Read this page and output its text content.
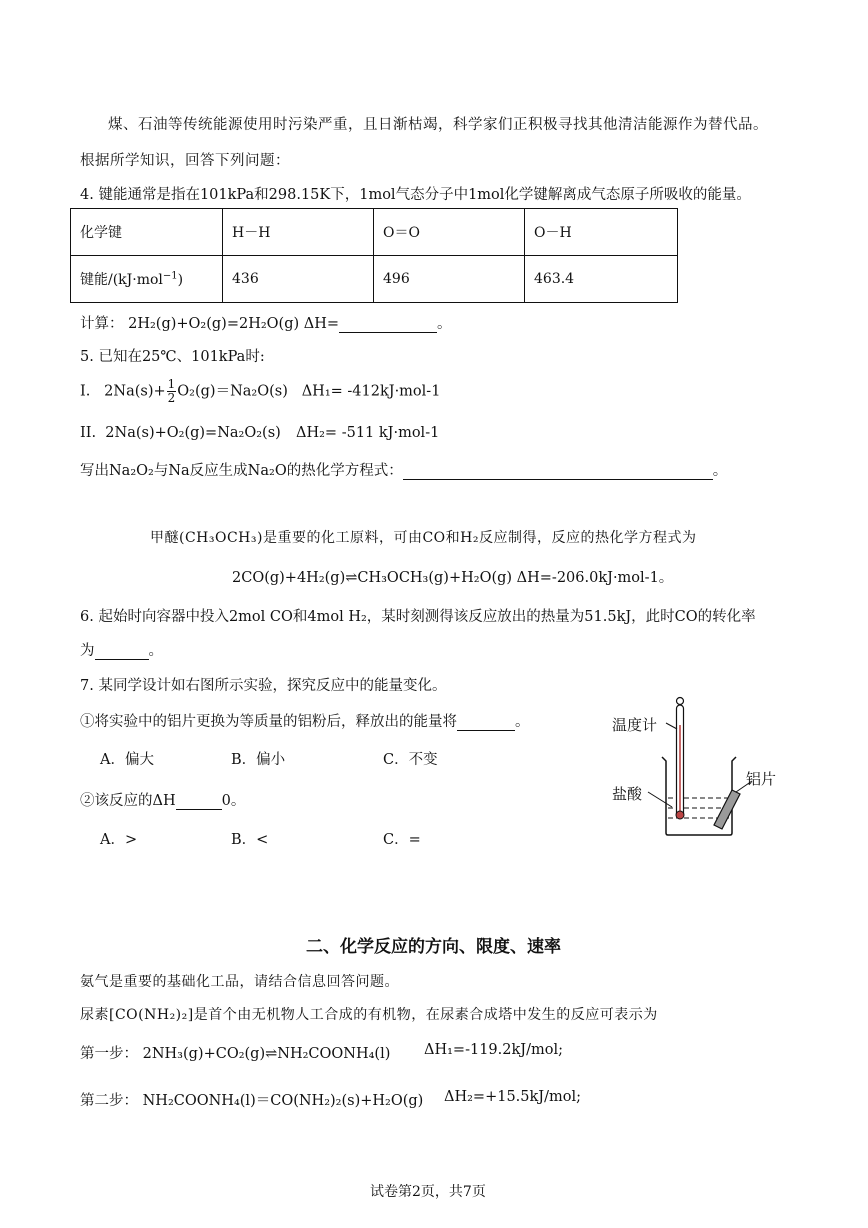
煤、石油等传统能源使用时污染严重，且日渐枯竭，科学家们正积极寻找其他清洁能源作为替代品。
根据所学知识，回答下列问题：
4. 键能通常是指在101kPa和298.15K下，1mol气态分子中1mol化学键解离成气态原子所吸收的能量。
化学键	H－H	O＝O	O－H
键能/(kJ·mol$^{-1}$)	436	496	463.4
计算： 2H₂(g)+O₂(g)=2H₂O(g) ΔH=	。
5. 已知在25℃、101kPa时:
I. $2Na(s)+ \frac{1}{2} O_2(g)=Na_2O(s)$ ΔH₁= -412kJ·mol-1
II. 2Na(s)+O₂(g)=Na₂O₂(s) ΔH₂= -511 kJ·mol-1
写出Na₂O₂与Na反应生成Na₂O的热化学方程式：	。
甲醚(CH₃OCH₃)是重要的化工原料，可由CO和H₂反应制得，反应的热化学方程式为
2CO(g)+4H₂(g)⇌CH₃OCH₃(g)+H₂O(g) ΔH=-206.0kJ·mol-1。
6. 起始时向容器中投入2mol CO和4mol H₂，某时刻测得该反应放出的热量为51.5kJ，此时CO的转化率
为	。
7. 某同学设计如右图所示实验，探究反应中的能量变化。
①将实验中的铝片更换为等质量的铝粉后，释放出的能量将	。
A．偏大	B．偏小	C．不变
②该反应的ΔH	0。
A．>	B．<	C．=
温度计
盐酸
铝片
二、化学反应的方向、限度、速率
氨气是重要的基础化工品，请结合信息回答问题。
尿素[CO(NH₂)₂]是首个由无机物人工合成的有机物，在尿素合成塔中发生的反应可表示为
第一步： 2NH₃(g)+CO₂(g)⇌NH₂COONH₄(l) ΔH₁=-119.2kJ/mol;
第二步： NH₂COONH₄(l)＝CO(NH₂)₂(s)+H₂O(g) ΔH₂=+15.5kJ/mol;
试卷第2页，共7页
